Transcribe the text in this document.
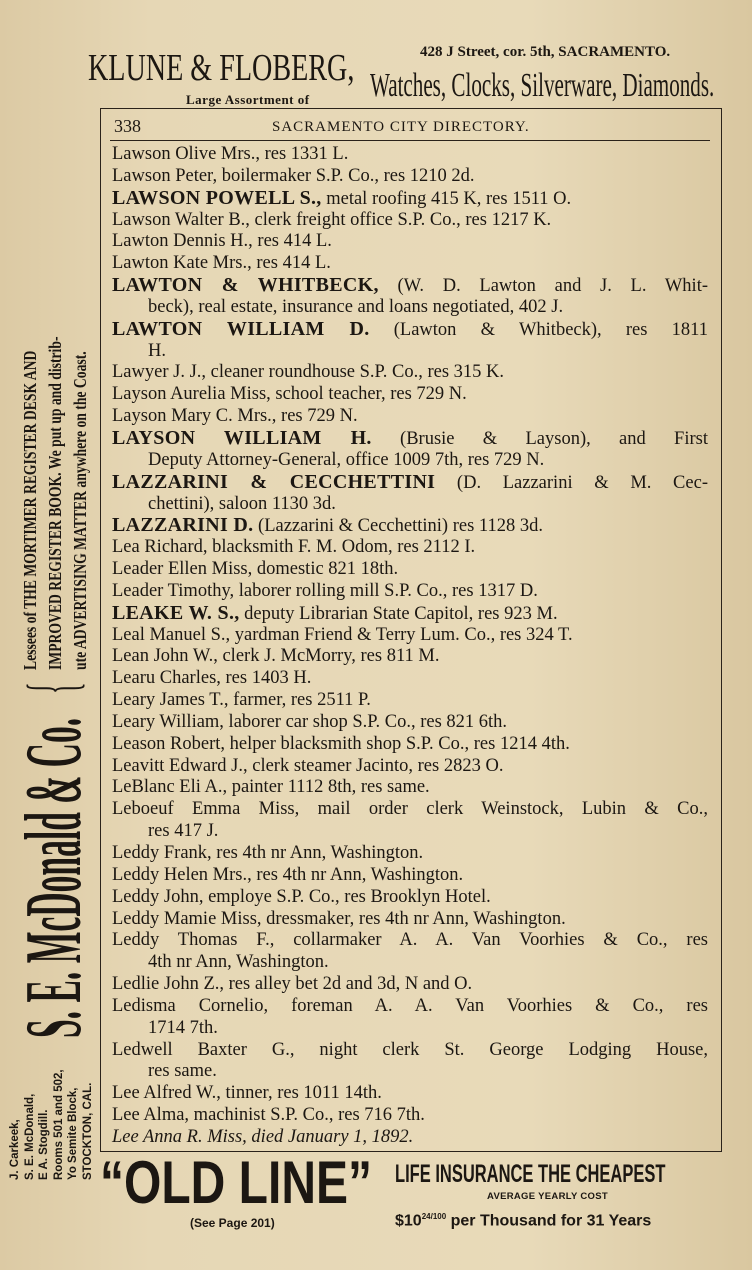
KLUNE & FLOBERG,
Large Assortment of
428 J Street, cor. 5th, SACRAMENTO.
Watches, Clocks, Silverware, Diamonds.
338	SACRAMENTO CITY DIRECTORY.
Lawson Olive Mrs., res 1331 L.
Lawson Peter, boilermaker S.P. Co., res 1210 2d.
LAWSON POWELL S., metal roofing 415 K, res 1511 O.
Lawson Walter B., clerk freight office S.P. Co., res 1217 K.
Lawton Dennis H., res 414 L.
Lawton Kate Mrs., res 414 L.
LAWTON & WHITBECK, (W. D. Lawton and J. L. Whit-
beck), real estate, insurance and loans negotiated, 402 J.
LAWTON WILLIAM D. (Lawton & Whitbeck), res 1811
H.
Lawyer J. J., cleaner roundhouse S.P. Co., res 315 K.
Layson Aurelia Miss, school teacher, res 729 N.
Layson Mary C. Mrs., res 729 N.
LAYSON WILLIAM H. (Brusie & Layson), and First
Deputy Attorney-General, office 1009 7th, res 729 N.
LAZZARINI & CECCHETTINI (D. Lazzarini & M. Cec-
chettini), saloon 1130 3d.
LAZZARINI D. (Lazzarini & Cecchettini) res 1128 3d.
Lea Richard, blacksmith F. M. Odom, res 2112 I.
Leader Ellen Miss, domestic 821 18th.
Leader Timothy, laborer rolling mill S.P. Co., res 1317 D.
LEAKE W. S., deputy Librarian State Capitol, res 923 M.
Leal Manuel S., yardman Friend & Terry Lum. Co., res 324 T.
Lean John W., clerk J. McMorry, res 811 M.
Learu Charles, res 1403 H.
Leary James T., farmer, res 2511 P.
Leary William, laborer car shop S.P. Co., res 821 6th.
Leason Robert, helper blacksmith shop S.P. Co., res 1214 4th.
Leavitt Edward J., clerk steamer Jacinto, res 2823 O.
LeBlanc Eli A., painter 1112 8th, res same.
Leboeuf Emma Miss, mail order clerk Weinstock, Lubin & Co.,
res 417 J.
Leddy Frank, res 4th nr Ann, Washington.
Leddy Helen Mrs., res 4th nr Ann, Washington.
Leddy John, employe S.P. Co., res Brooklyn Hotel.
Leddy Mamie Miss, dressmaker, res 4th nr Ann, Washington.
Leddy Thomas F., collarmaker A. A. Van Voorhies & Co., res
4th nr Ann, Washington.
Ledlie John Z., res alley bet 2d and 3d, N and O.
Ledisma Cornelio, foreman A. A. Van Voorhies & Co., res
1714 7th.
Ledwell Baxter G., night clerk St. George Lodging House,
res same.
Lee Alfred W., tinner, res 1011 14th.
Lee Alma, machinist S.P. Co., res 716 7th.
Lee Anna R. Miss, died January 1, 1892.
J. Carkeek, S. E. McDonald, E A. Stogdill. Rooms 501 and 502, Yo Semite Block, STOCKTON, CAL.
S. E. McDonald & Co.
{
Lessees of THE MORTIMER REGISTER DESK AND IMPROVED REGISTER BOOK. We put up and distrib- ute ADVERTISING MATTER anywhere on the Coast.
“OLD LINE”
(See Page 201)
LIFE INSURANCE THE CHEAPEST
AVERAGE YEARLY COST
$\$10^{24/100}$ per Thousand for 31 Years
